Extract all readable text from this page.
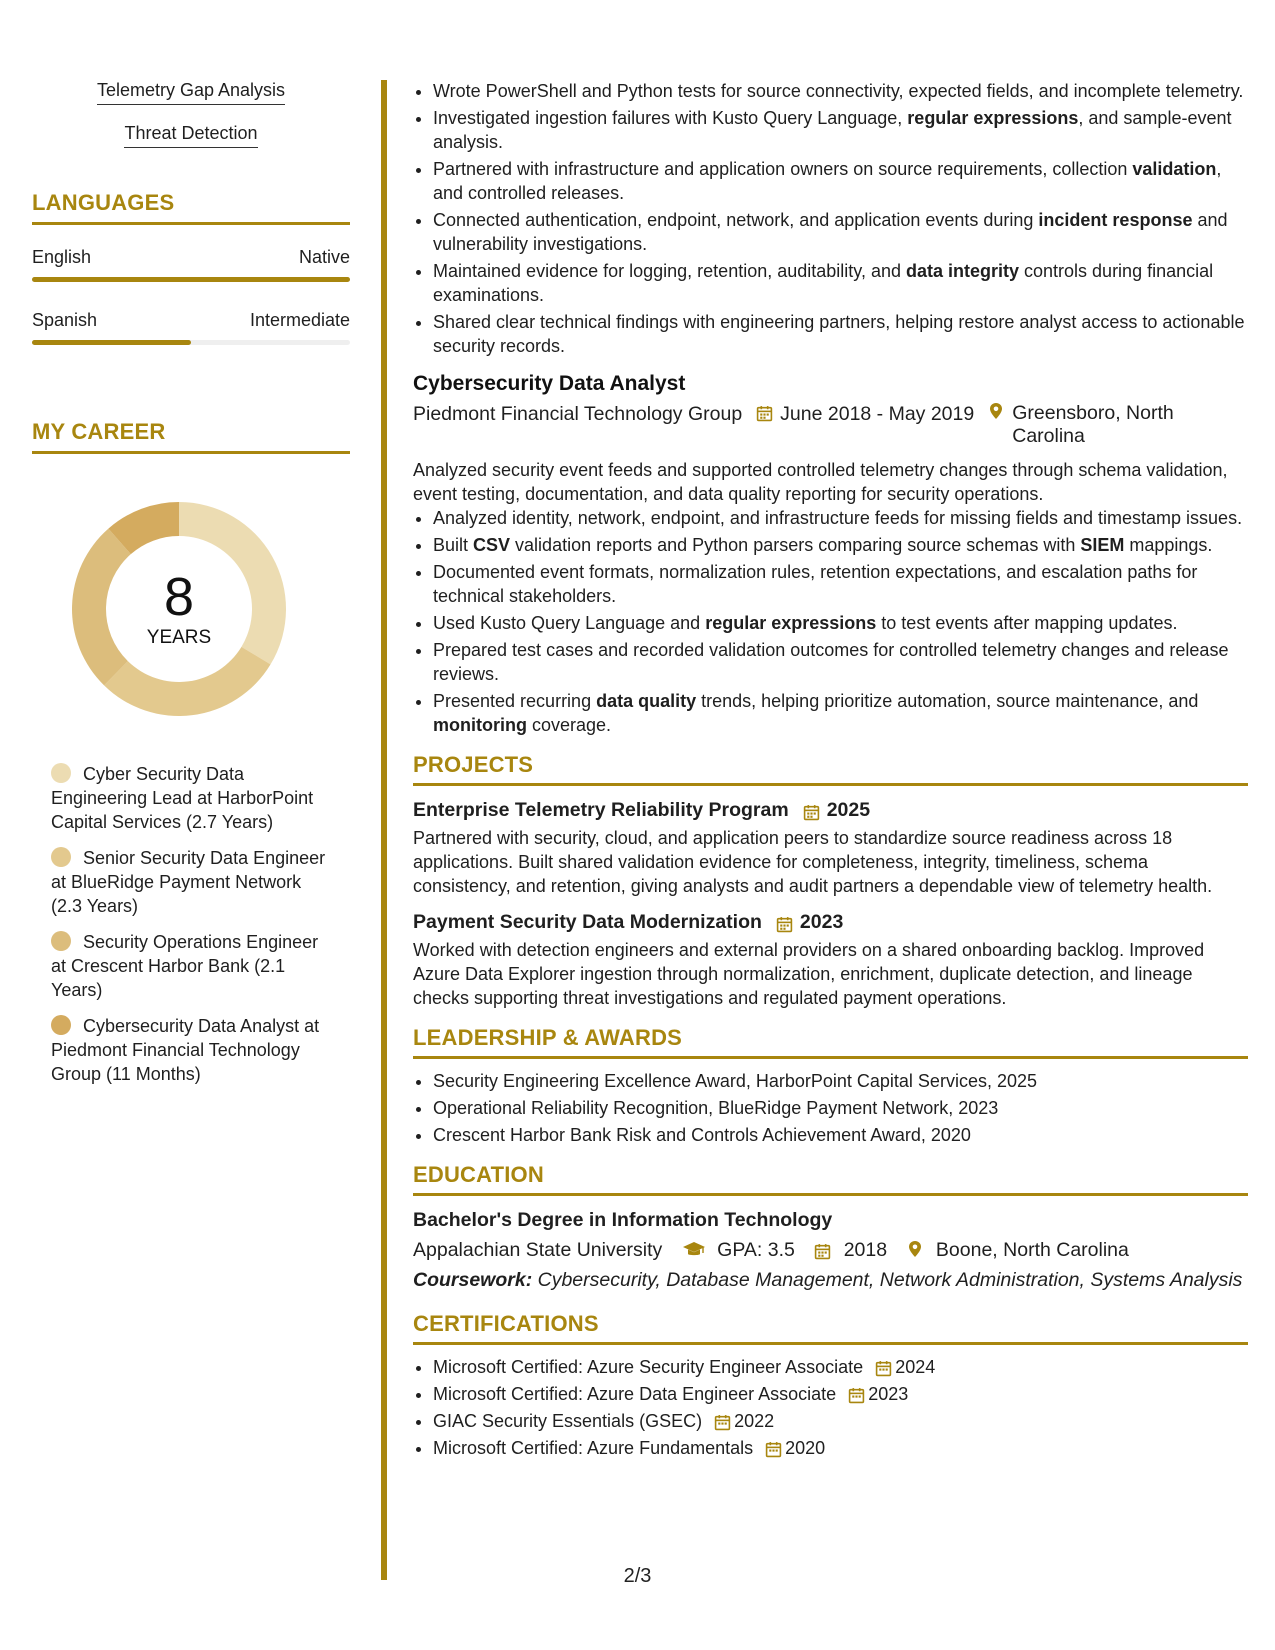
Telemetry Gap Analysis
Threat Detection
LANGUAGES
English	Native
Spanish	Intermediate
MY CAREER
8
YEARS
Cyber Security Data Engineering Lead at HarborPoint Capital Services (2.7 Years)
Senior Security Data Engineer at BlueRidge Payment Network (2.3 Years)
Security Operations Engineer at Crescent Harbor Bank (2.1 Years)
Cybersecurity Data Analyst at Piedmont Financial Technology Group (11 Months)
• Wrote PowerShell and Python tests for source connectivity, expected fields, and incomplete telemetry.
• Investigated ingestion failures with Kusto Query Language, regular expressions, and sample-event analysis.
• Partnered with infrastructure and application owners on source requirements, collection validation, and controlled releases.
• Connected authentication, endpoint, network, and application events during incident response and vulnerability investigations.
• Maintained evidence for logging, retention, auditability, and data integrity controls during financial examinations.
• Shared clear technical findings with engineering partners, helping restore analyst access to actionable security records.
Cybersecurity Data Analyst
Piedmont Financial Technology Group June 2018 - May 2019 Greensboro, North Carolina
Analyzed security event feeds and supported controlled telemetry changes through schema validation, event testing, documentation, and data quality reporting for security operations.
• Analyzed identity, network, endpoint, and infrastructure feeds for missing fields and timestamp issues.
• Built CSV validation reports and Python parsers comparing source schemas with SIEM mappings.
• Documented event formats, normalization rules, retention expectations, and escalation paths for technical stakeholders.
• Used Kusto Query Language and regular expressions to test events after mapping updates.
• Prepared test cases and recorded validation outcomes for controlled telemetry changes and release reviews.
• Presented recurring data quality trends, helping prioritize automation, source maintenance, and monitoring coverage.
PROJECTS
Enterprise Telemetry Reliability Program 2025
Partnered with security, cloud, and application peers to standardize source readiness across 18 applications. Built shared validation evidence for completeness, integrity, timeliness, schema consistency, and retention, giving analysts and audit partners a dependable view of telemetry health.
Payment Security Data Modernization 2023
Worked with detection engineers and external providers on a shared onboarding backlog. Improved Azure Data Explorer ingestion through normalization, enrichment, duplicate detection, and lineage checks supporting threat investigations and regulated payment operations.
LEADERSHIP & AWARDS
• Security Engineering Excellence Award, HarborPoint Capital Services, 2025
• Operational Reliability Recognition, BlueRidge Payment Network, 2023
• Crescent Harbor Bank Risk and Controls Achievement Award, 2020
EDUCATION
Bachelor's Degree in Information Technology
Appalachian State University	GPA: 3.5	2018	Boone, North Carolina
Coursework: Cybersecurity, Database Management, Network Administration, Systems Analysis
CERTIFICATIONS
• Microsoft Certified: Azure Security Engineer Associate 2024
• Microsoft Certified: Azure Data Engineer Associate 2023
• GIAC Security Essentials (GSEC) 2022
• Microsoft Certified: Azure Fundamentals 2020
2/3
